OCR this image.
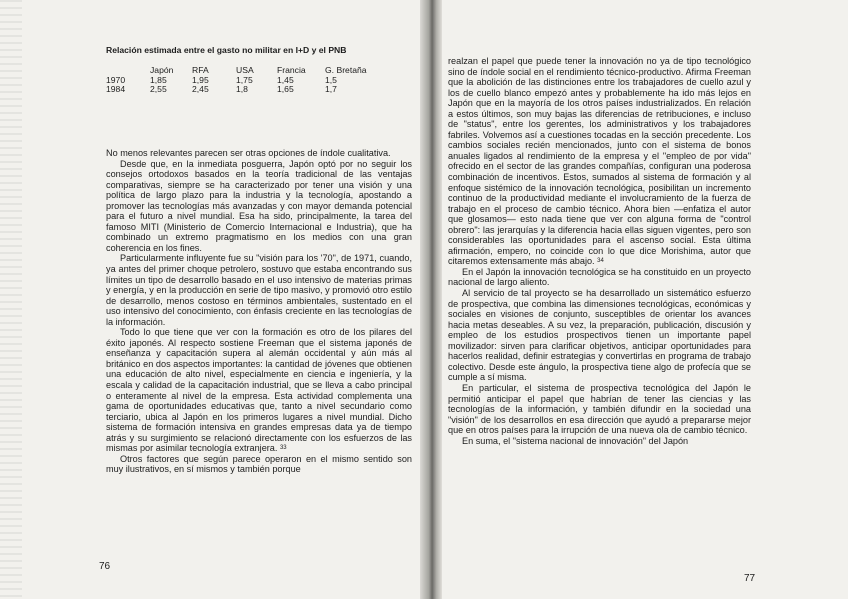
Relación estimada entre el gasto no militar en I+D y el PNB
	Japón	RFA	USA	Francia	G. Bretaña
1970	1,85	1,95	1,75	1,45	1,5
1984	2,55	2,45	1,8	1,65	1,7

No menos relevantes parecen ser otras opciones de índole cualitativa.

Desde que, en la inmediata posguerra, Japón optó por no seguir los consejos ortodoxos basados en la teoría tradicional de las ventajas comparativas, siempre se ha caracterizado por tener una visión y una política de largo plazo para la industria y la tecnología, apostando a promover las tecnologías más avanzadas y con mayor demanda potencial para el futuro a nivel mundial. Esa ha sido, principalmente, la tarea del famoso MITI (Ministerio de Comercio Internacional e Industria), que ha combinado un extremo pragmatismo en los medios con una gran coherencia en los fines.

Particularmente influyente fue su "visión para los '70", de 1971, cuando, ya antes del primer choque petrolero, sostuvo que estaba encontrando sus límites un tipo de desarrollo basado en el uso intensivo de materias primas y energía, y en la producción en serie de tipo masivo, y promovió otro estilo de desarrollo, menos costoso en términos ambientales, sustentado en el uso intensivo del conocimiento, con énfasis creciente en las tecnologías de la información.

Todo lo que tiene que ver con la formación es otro de los pilares del éxito japonés. Al respecto sostiene Freeman que el sistema japonés de enseñanza y capacitación supera al alemán occidental y aún más al británico en dos aspectos importantes: la cantidad de jóvenes que obtienen una educación de alto nivel, especialmente en ciencia e ingeniería, y la escala y calidad de la capacitación industrial, que se lleva a cabo principal o enteramente al nivel de la empresa. Esta actividad complementa una gama de oportunidades educativas que, tanto a nivel secundario como terciario, ubica al Japón en los primeros lugares a nivel mundial. Dicho sistema de formación intensiva en grandes empresas data ya de tiempo atrás y su surgimiento se relacionó directamente con los esfuerzos de las mismas por asimilar tecnología extranjera. $^{33}$

Otros factores que según parece operaron en el mismo sentido son muy ilustrativos, en sí mismos y también porque

76

realzan el papel que puede tener la innovación no ya de tipo tecnológico sino de índole social en el rendimiento técnico-productivo. Afirma Freeman que la abolición de las distinciones entre los trabajadores de cuello azul y los de cuello blanco empezó antes y probablemente ha ido más lejos en Japón que en la mayoría de los otros países industrializados. En relación a estos últimos, son muy bajas las diferencias de retribuciones, e incluso de "status", entre los gerentes, los administrativos y los trabajadores fabriles. Volvemos así a cuestiones tocadas en la sección precedente. Los cambios sociales recién mencionados, junto con el sistema de bonos anuales ligados al rendimiento de la empresa y el "empleo de por vida" ofrecido en el sector de las grandes compañías, configuran una poderosa combinación de incentivos. Estos, sumados al sistema de formación y al enfoque sistémico de la innovación tecnológica, posibilitan un incremento continuo de la productividad mediante el involucramiento de la fuerza de trabajo en el proceso de cambio técnico. Ahora bien —enfatiza el autor que glosamos— esto nada tiene que ver con alguna forma de "control obrero": las jerarquías y la diferencia hacia ellas siguen vigentes, pero son considerables las oportunidades para el ascenso social. Esta última afirmación, empero, no coincide con lo que dice Morishima, autor que citaremos extensamente más abajo. $^{34}$

En el Japón la innovación tecnológica se ha constituido en un proyecto nacional de largo aliento.

Al servicio de tal proyecto se ha desarrollado un sistemático esfuerzo de prospectiva, que combina las dimensiones tecnológicas, económicas y sociales en visiones de conjunto, susceptibles de orientar los avances hacia metas deseables. A su vez, la preparación, publicación, discusión y empleo de los estudios prospectivos tienen un importante papel movilizador: sirven para clarificar objetivos, anticipar oportunidades para hacerlos realidad, definir estrategias y convertirlas en programa de trabajo colectivo. Desde este ángulo, la prospectiva tiene algo de profecía que se cumple a sí misma.

En particular, el sistema de prospectiva tecnológica del Japón le permitió anticipar el papel que habrían de tener las ciencias y las tecnologías de la información, y también difundir en la sociedad una "visión" de los desarrollos en esa dirección que ayudó a prepararse mejor que en otros países para la irrupción de una nueva ola de cambio técnico.

En suma, el "sistema nacional de innovación" del Japón

77
